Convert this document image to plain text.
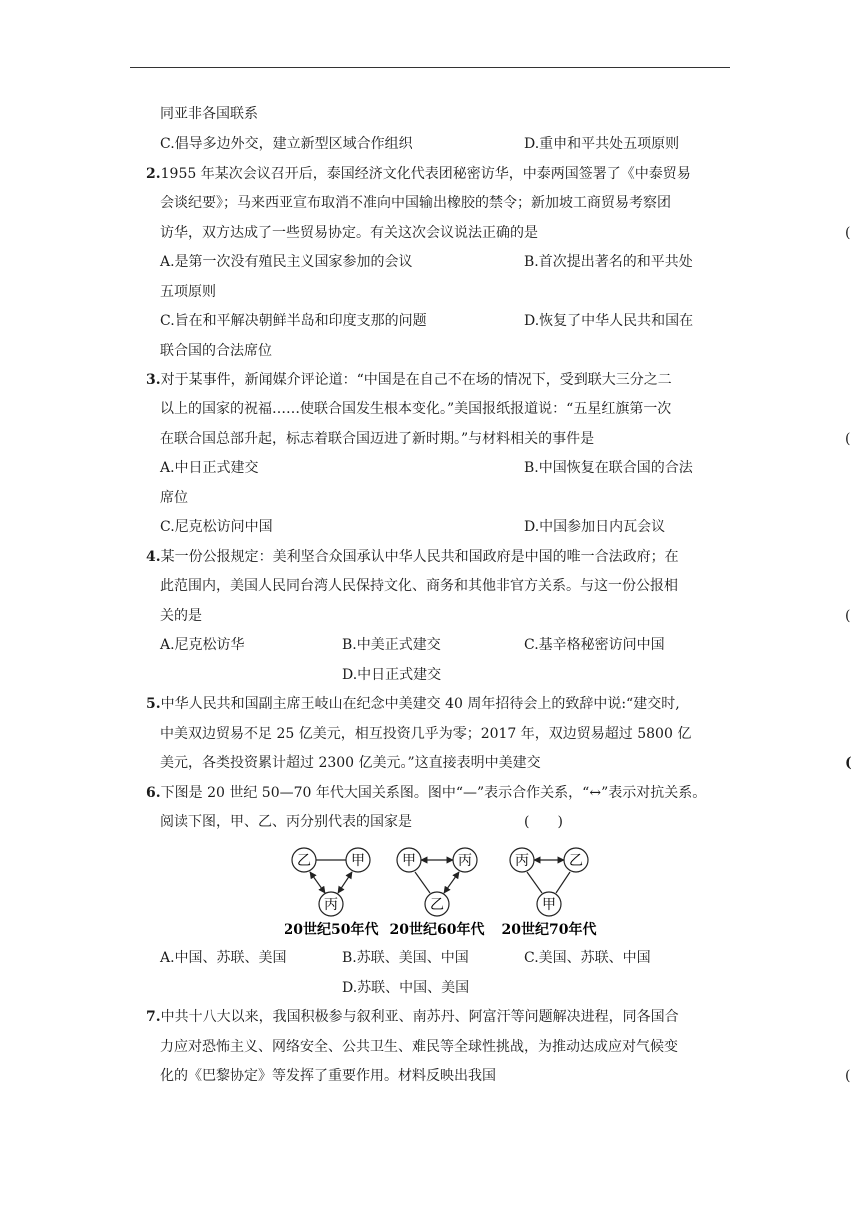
同亚非各国联系
C.倡导多边外交，建立新型区域合作组织	D.重申和平共处五项原则
2.1955 年某次会议召开后，泰国经济文化代表团秘密访华，中泰两国签署了《中泰贸易
会谈纪要》；马来西亚宣布取消不准向中国输出橡胶的禁令；新加坡工商贸易考察团
访华，双方达成了一些贸易协定。有关这次会议说法正确的是	(
A.是第一次没有殖民主义国家参加的会议	B.首次提出著名的和平共处
五项原则
C.旨在和平解决朝鲜半岛和印度支那的问题	D.恢复了中华人民共和国在
联合国的合法席位
3.对于某事件，新闻媒介评论道：“中国是在自己不在场的情况下，受到联大三分之二
以上的国家的祝福……使联合国发生根本变化。”美国报纸报道说：“五星红旗第一次
在联合国总部升起，标志着联合国迈进了新时期。”与材料相关的事件是	(
A.中日正式建交	B.中国恢复在联合国的合法
席位
C.尼克松访问中国	D.中国参加日内瓦会议
4.某一份公报规定：美利坚合众国承认中华人民共和国政府是中国的唯一合法政府；在
此范围内，美国人民同台湾人民保持文化、商务和其他非官方关系。与这一份公报相
关的是	(
A.尼克松访华	B.中美正式建交	C.基辛格秘密访问中国
D.中日正式建交
5.中华人民共和国副主席王岐山在纪念中美建交 40 周年招待会上的致辞中说:“建交时,
中美双边贸易不足 25 亿美元，相互投资几乎为零；2017 年，双边贸易超过 5800 亿
美元，各类投资累计超过 2300 亿美元。”这直接表明中美建交	(
6.下图是 20 世纪 50—70 年代大国关系图。图中“—”表示合作关系，“↔”表示对抗关系。
阅读下图，甲、乙、丙分别代表的国家是	(　　)
乙	甲
丙
20世纪50年代
甲	丙
乙
20世纪60年代
丙	乙
甲
20世纪70年代
A.中国、苏联、美国	B.苏联、美国、中国	C.美国、苏联、中国
D.苏联、中国、美国
7.中共十八大以来，我国积极参与叙利亚、南苏丹、阿富汗等问题解决进程，同各国合
力应对恐怖主义、网络安全、公共卫生、难民等全球性挑战，为推动达成应对气候变
化的《巴黎协定》等发挥了重要作用。材料反映出我国	(
